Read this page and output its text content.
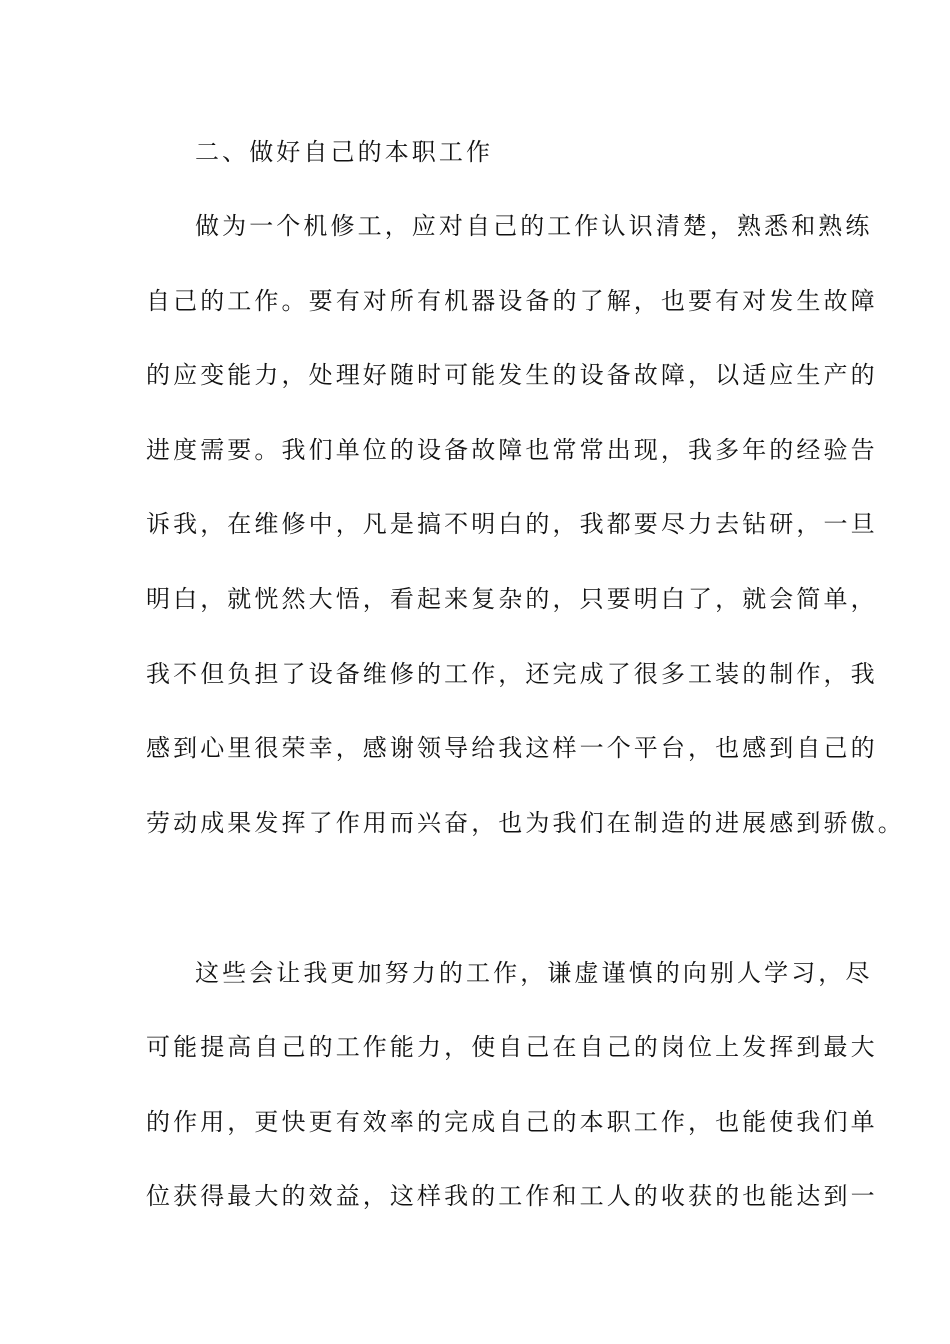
二、做好自己的本职工作
做为一个机修工，应对自己的工作认识清楚，熟悉和熟练
自己的工作。要有对所有机器设备的了解，也要有对发生故障
的应变能力，处理好随时可能发生的设备故障，以适应生产的
进度需要。我们单位的设备故障也常常出现，我多年的经验告
诉我，在维修中，凡是搞不明白的，我都要尽力去钻研，一旦
明白，就恍然大悟，看起来复杂的，只要明白了，就会简单，
我不但负担了设备维修的工作，还完成了很多工装的制作，我
感到心里很荣幸，感谢领导给我这样一个平台，也感到自己的
劳动成果发挥了作用而兴奋，也为我们在制造的进展感到骄傲。
这些会让我更加努力的工作，谦虚谨慎的向别人学习，尽
可能提高自己的工作能力，使自己在自己的岗位上发挥到最大
的作用，更快更有效率的完成自己的本职工作，也能使我们单
位获得最大的效益，这样我的工作和工人的收获的也能达到一
